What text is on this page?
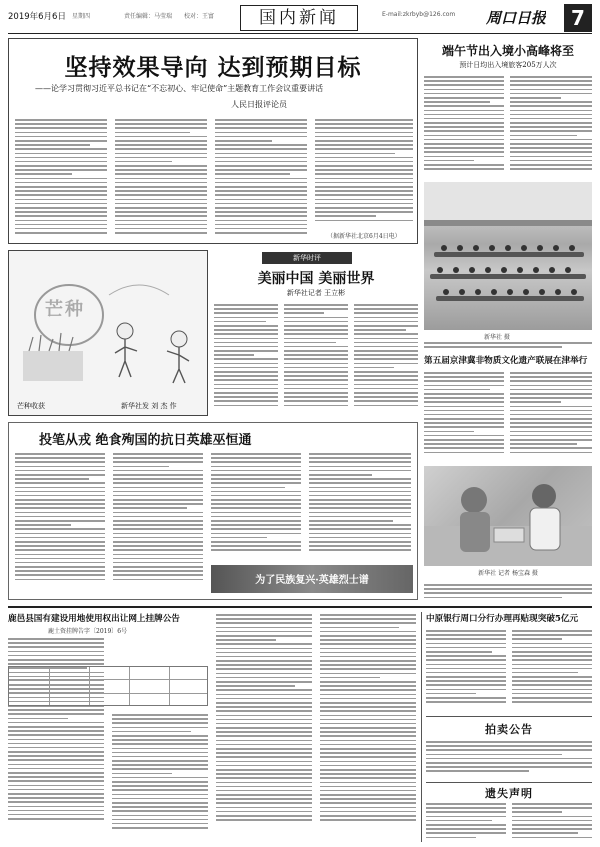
2019年6月6日 星期四	责任编辑：马莹瑞 校对：王富	国内新闻	E-mail:zkrbyb@126.com 周口日报	7
坚持效果导向 达到预期目标
——论学习贯彻习近平总书记在“不忘初心、牢记使命”主题教育工作会议重要讲话
人民日报评论员
（据新华社北京6月4日电）
端午节出入境小高峰将至
预计日均出入境旅客205万人次
新华社 摄
芒种
芒种收获	新华社发 刘 杰 作
新华时评
美丽中国 美丽世界
新华社记者 王立彬
第五届京津冀非物质文化遗产联展在津举行
新华社 记者 杨宝森 摄
投笔从戎 绝食殉国的抗日英雄巫恒通
为了民族复兴·英雄烈士谱
鹿邑县国有建设用地使用权出让网上挂牌公告
鹿土资挂牌告字〔2019〕6号
中原银行周口分行办理再贴现突破5亿元
拍卖公告
遗失声明
